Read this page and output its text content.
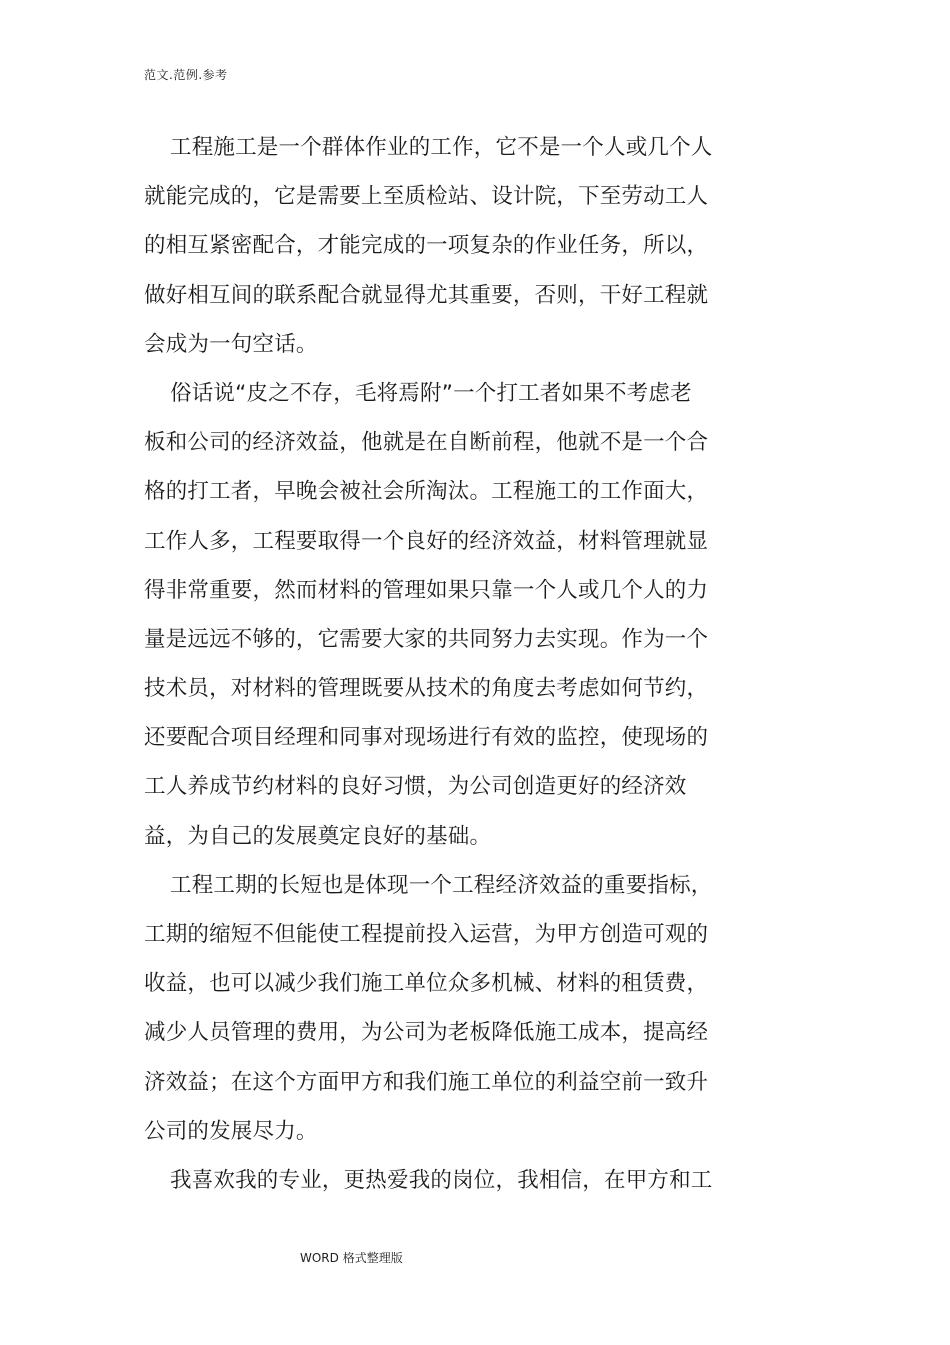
范文.范例.参考
工程施工是一个群体作业的工作，它不是一个人或几个人
就能完成的，它是需要上至质检站、设计院，下至劳动工人
的相互紧密配合，才能完成的一项复杂的作业任务，所以，
做好相互间的联系配合就显得尤其重要，否则，干好工程就
会成为一句空话。
俗话说“皮之不存，毛将焉附”一个打工者如果不考虑老
板和公司的经济效益，他就是在自断前程，他就不是一个合
格的打工者，早晚会被社会所淘汰。工程施工的工作面大，
工作人多，工程要取得一个良好的经济效益，材料管理就显
得非常重要，然而材料的管理如果只靠一个人或几个人的力
量是远远不够的，它需要大家的共同努力去实现。作为一个
技术员，对材料的管理既要从技术的角度去考虑如何节约，
还要配合项目经理和同事对现场进行有效的监控，使现场的
工人养成节约材料的良好习惯，为公司创造更好的经济效
益，为自己的发展奠定良好的基础。
工程工期的长短也是体现一个工程经济效益的重要指标，
工期的缩短不但能使工程提前投入运营，为甲方创造可观的
收益，也可以减少我们施工单位众多机械、材料的租赁费，
减少人员管理的费用，为公司为老板降低施工成本，提高经
济效益；在这个方面甲方和我们施工单位的利益空前一致升
公司的发展尽力。
我喜欢我的专业，更热爱我的岗位，我相信，在甲方和工
WORD 格式整理版
